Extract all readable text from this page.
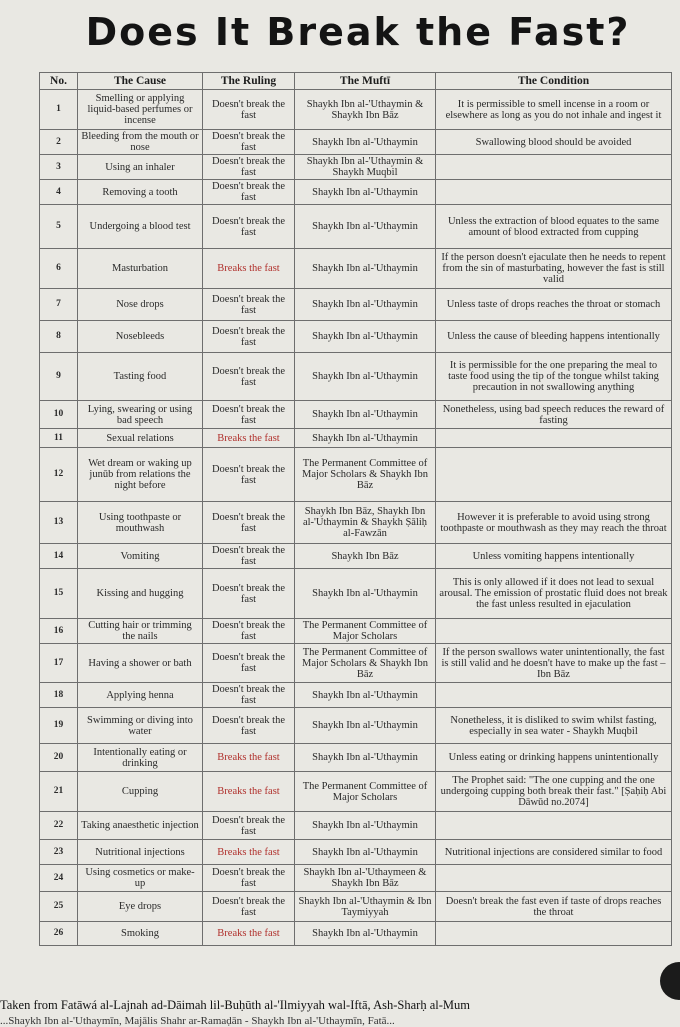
Does It Break the Fast?
No.	The Cause	The Ruling	The Muftī	The Condition
1	Smelling or applying liquid-based perfumes or incense	Doesn't break the fast	Shaykh Ibn al-'Uthaymin & Shaykh Ibn Bāz	It is permissible to smell incense in a room or elsewhere as long as you do not inhale and ingest it
2	Bleeding from the mouth or nose	Doesn't break the fast	Shaykh Ibn al-'Uthaymin	Swallowing blood should be avoided
3	Using an inhaler	Doesn't break the fast	Shaykh Ibn al-'Uthaymin & Shaykh Muqbil	
4	Removing a tooth	Doesn't break the fast	Shaykh Ibn al-'Uthaymin	
5	Undergoing a blood test	Doesn't break the fast	Shaykh Ibn al-'Uthaymin	Unless the extraction of blood equates to the same amount of blood extracted from cupping
6	Masturbation	Breaks the fast	Shaykh Ibn al-'Uthaymin	If the person doesn't ejaculate then he needs to repent from the sin of masturbating, however the fast is still valid
7	Nose drops	Doesn't break the fast	Shaykh Ibn al-'Uthaymin	Unless taste of drops reaches the throat or stomach
8	Nosebleeds	Doesn't break the fast	Shaykh Ibn al-'Uthaymin	Unless the cause of bleeding happens intentionally
9	Tasting food	Doesn't break the fast	Shaykh Ibn al-'Uthaymin	It is permissible for the one preparing the meal to taste food using the tip of the tongue whilst taking precaution in not swallowing anything
10	Lying, swearing or using bad speech	Doesn't break the fast	Shaykh Ibn al-'Uthaymin	Nonetheless, using bad speech reduces the reward of fasting
11	Sexual relations	Breaks the fast	Shaykh Ibn al-'Uthaymin	
12	Wet dream or waking up junūb from relations the night before	Doesn't break the fast	The Permanent Committee of Major Scholars & Shaykh Ibn Bāz	
13	Using toothpaste or mouthwash	Doesn't break the fast	Shaykh Ibn Bāz, Shaykh Ibn al-'Uthaymin & Shaykh Ṣāliḥ al-Fawzān	However it is preferable to avoid using strong toothpaste or mouthwash as they may reach the throat
14	Vomiting	Doesn't break the fast	Shaykh Ibn Bāz	Unless vomiting happens intentionally
15	Kissing and hugging	Doesn't break the fast	Shaykh Ibn al-'Uthaymin	This is only allowed if it does not lead to sexual arousal. The emission of prostatic fluid does not break the fast unless resulted in ejaculation
16	Cutting hair or trimming the nails	Doesn't break the fast	The Permanent Committee of Major Scholars	
17	Having a shower or bath	Doesn't break the fast	The Permanent Committee of Major Scholars & Shaykh Ibn Bāz	If the person swallows water unintentionally, the fast is still valid and he doesn't have to make up the fast – Ibn Bāz
18	Applying henna	Doesn't break the fast	Shaykh Ibn al-'Uthaymin	
19	Swimming or diving into water	Doesn't break the fast	Shaykh Ibn al-'Uthaymin	Nonetheless, it is disliked to swim whilst fasting, especially in sea water - Shaykh Muqbil
20	Intentionally eating or drinking	Breaks the fast	Shaykh Ibn al-'Uthaymin	Unless eating or drinking happens unintentionally
21	Cupping	Breaks the fast	The Permanent Committee of Major Scholars	The Prophet said: "The one cupping and the one undergoing cupping both break their fast." [Ṣaḥiḥ Abi Dāwūd no.2074]
22	Taking anaesthetic injection	Doesn't break the fast	Shaykh Ibn al-'Uthaymin	
23	Nutritional injections	Breaks the fast	Shaykh Ibn al-'Uthaymin	Nutritional injections are considered similar to food
24	Using cosmetics or make-up	Doesn't break the fast	Shaykh Ibn al-'Uthaymeen & Shaykh Ibn Bāz	
25	Eye drops	Doesn't break the fast	Shaykh Ibn al-'Uthaymin & Ibn Taymiyyah	Doesn't break the fast even if taste of drops reaches the throat
26	Smoking	Breaks the fast	Shaykh Ibn al-'Uthaymin	
Taken from Fatāwá al-Lajnah ad-Dāimah lil-Buḥūth al-'Ilmiyyah wal-Iftā, Ash-Sharḥ al-Mum
...Shaykh Ibn al-'Uthaymīn, Majālis Shahr ar-Ramaḍān - Shaykh Ibn al-'Uthaymīn, Fatā...
